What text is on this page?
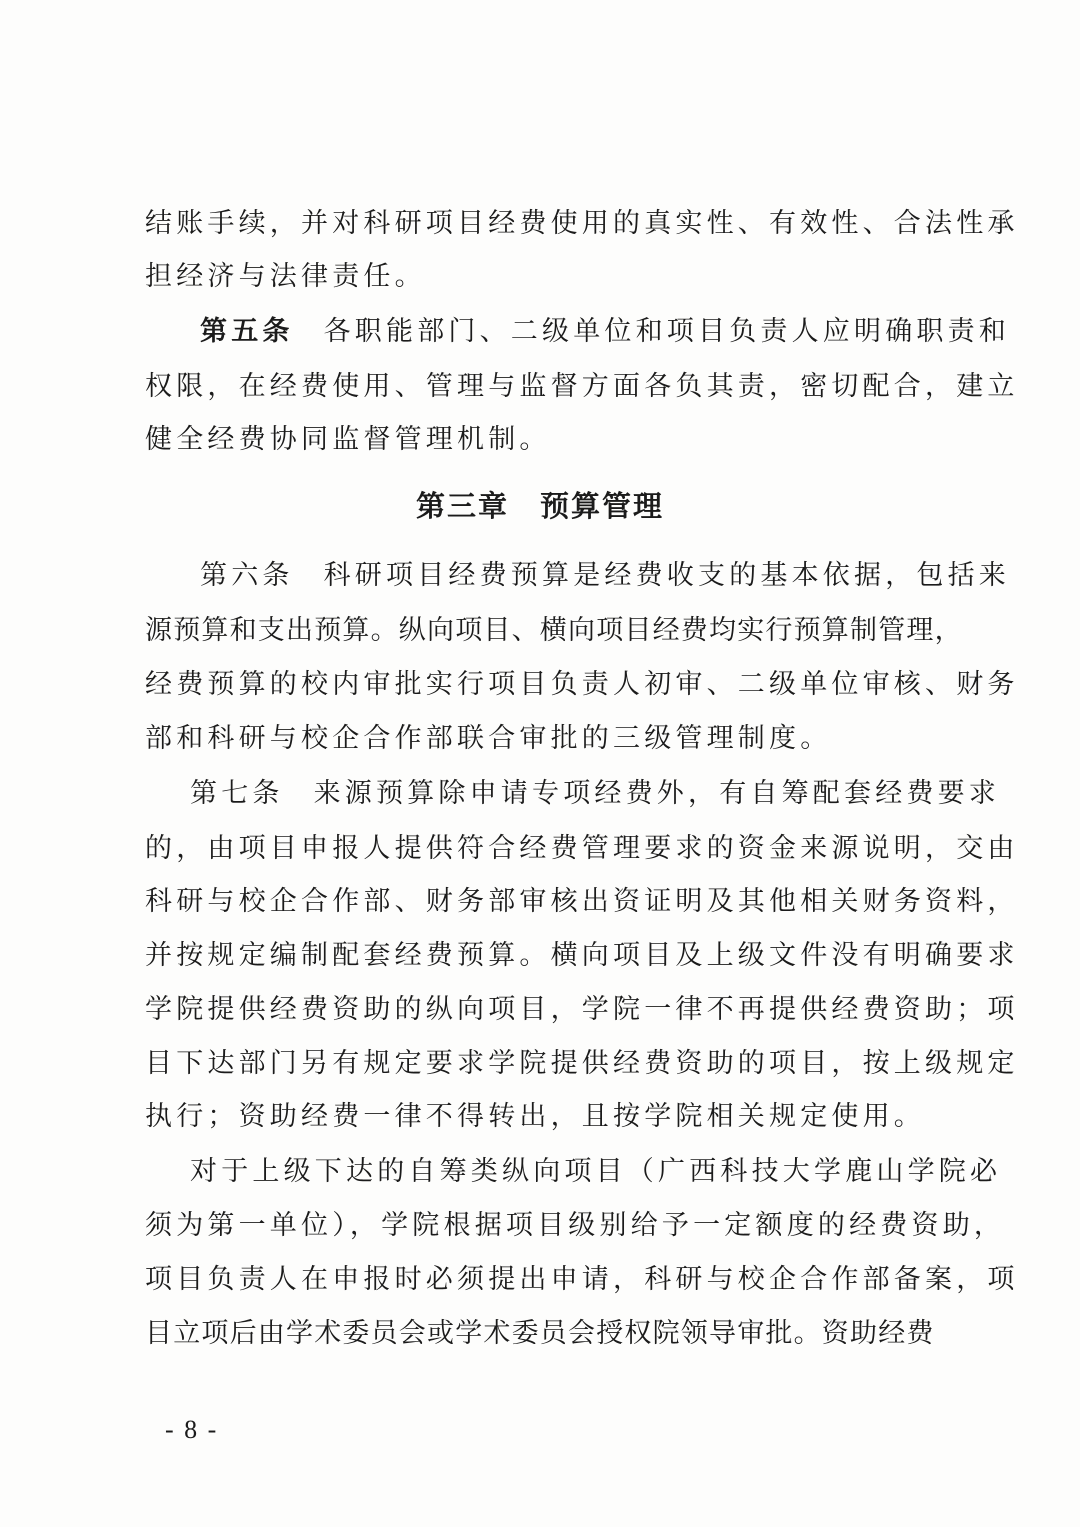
结账手续，并对科研项目经费使用的真实性、有效性、合法性承
担经济与法律责任。
第五条 各职能部门、二级单位和项目负责人应明确职责和
权限，在经费使用、管理与监督方面各负其责，密切配合，建立
健全经费协同监督管理机制。
第三章　预算管理
第六条 科研项目经费预算是经费收支的基本依据，包括来
源预算和支出预算。纵向项目、横向项目经费均实行预算制管理，
经费预算的校内审批实行项目负责人初审、二级单位审核、财务
部和科研与校企合作部联合审批的三级管理制度。
第七条 来源预算除申请专项经费外，有自筹配套经费要求
的，由项目申报人提供符合经费管理要求的资金来源说明，交由
科研与校企合作部、财务部审核出资证明及其他相关财务资料，
并按规定编制配套经费预算。横向项目及上级文件没有明确要求
学院提供经费资助的纵向项目，学院一律不再提供经费资助；项
目下达部门另有规定要求学院提供经费资助的项目，按上级规定
执行；资助经费一律不得转出，且按学院相关规定使用。
对于上级下达的自筹类纵向项目（广西科技大学鹿山学院必
须为第一单位），学院根据项目级别给予一定额度的经费资助，
项目负责人在申报时必须提出申请，科研与校企合作部备案，项
目立项后由学术委员会或学术委员会授权院领导审批。资助经费
- 8 -
